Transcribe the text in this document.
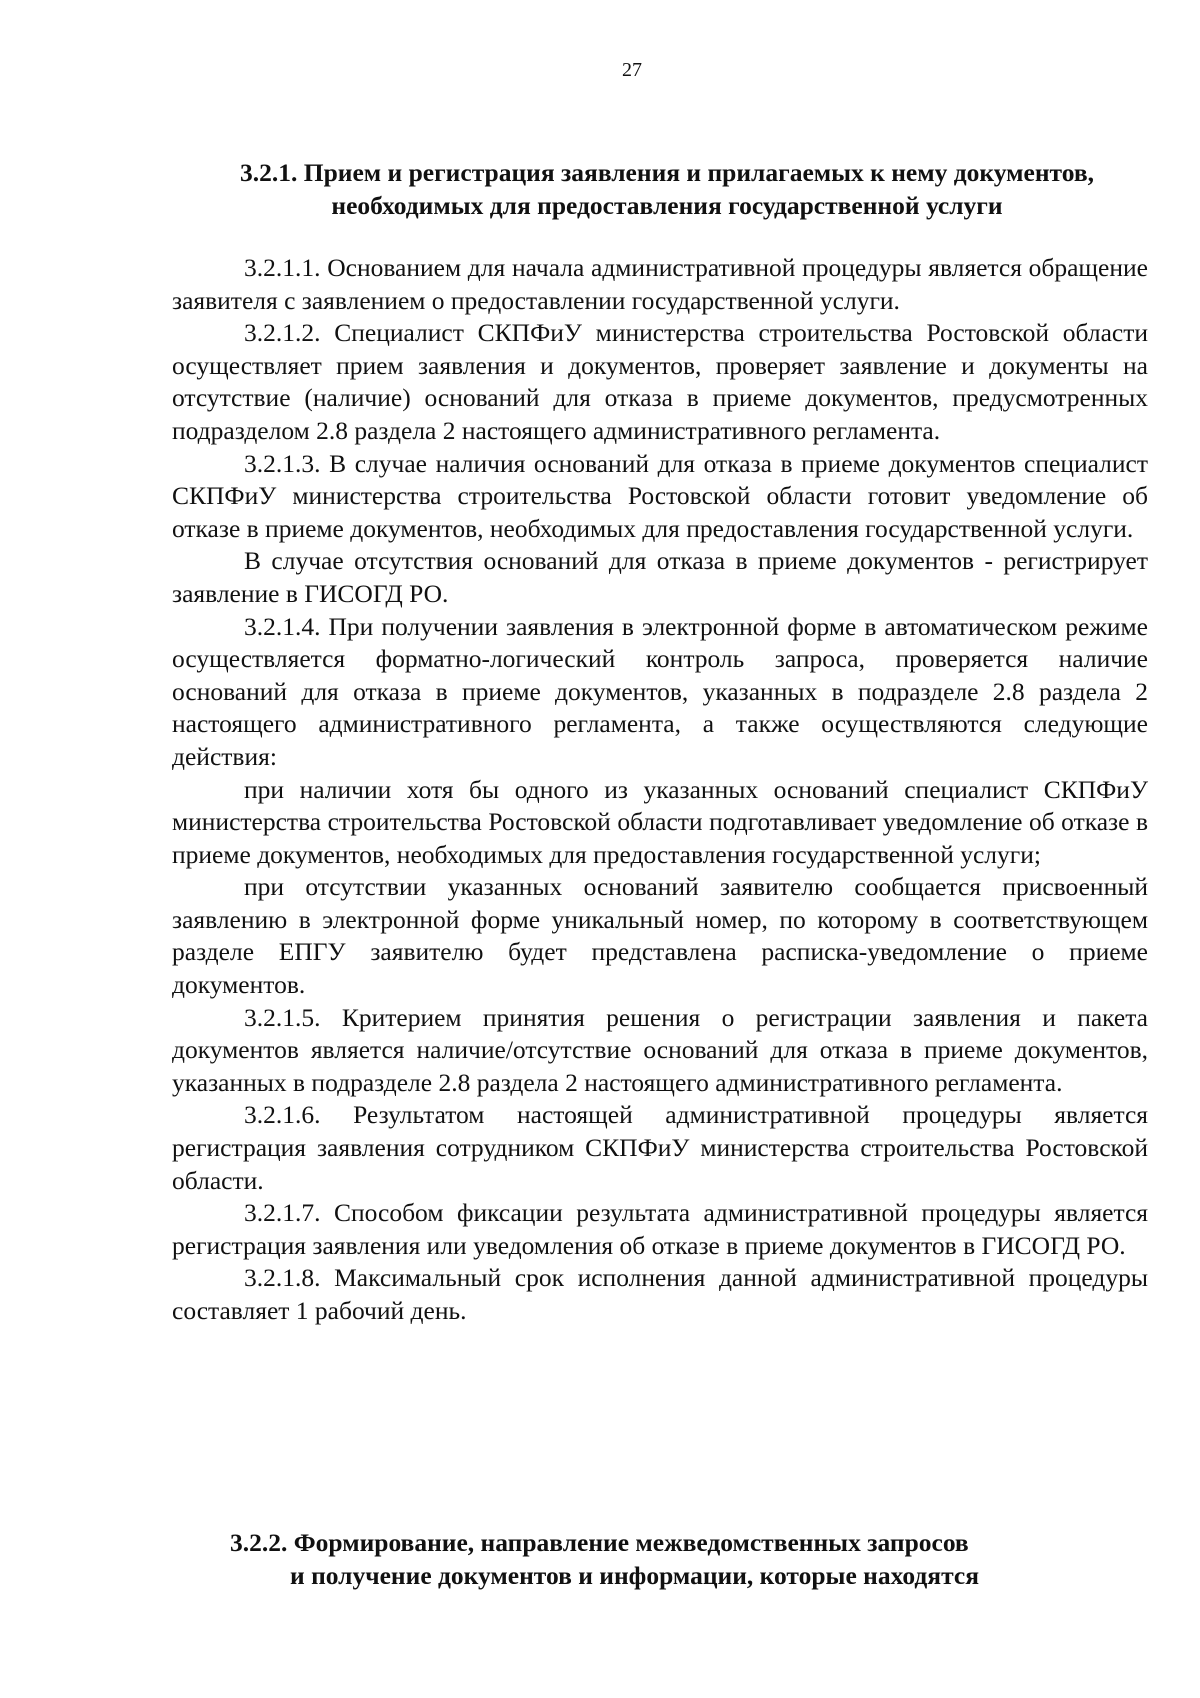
27
3.2.1. Прием и регистрация заявления и прилагаемых к нему документов, необходимых для предоставления государственной услуги

3.2.1.1. Основанием для начала административной процедуры является обращение заявителя с заявлением о предоставлении государственной услуги.

3.2.1.2. Специалист СКПФиУ министерства строительства Ростовской области осуществляет прием заявления и документов, проверяет заявление и документы на отсутствие (наличие) оснований для отказа в приеме документов, предусмотренных подразделом 2.8 раздела 2 настоящего административного регламента.

3.2.1.3. В случае наличия оснований для отказа в приеме документов специалист СКПФиУ министерства строительства Ростовской области готовит уведомление об отказе в приеме документов, необходимых для предоставления государственной услуги.

В случае отсутствия оснований для отказа в приеме документов - регистрирует заявление в ГИСОГД РО.

3.2.1.4. При получении заявления в электронной форме в автоматическом режиме осуществляется форматно-логический контроль запроса, проверяется наличие оснований для отказа в приеме документов, указанных в подразделе 2.8 раздела 2 настоящего административного регламента, а также осуществляются следующие действия:

при наличии хотя бы одного из указанных оснований специалист СКПФиУ министерства строительства Ростовской области подготавливает уведомление об отказе в приеме документов, необходимых для предоставления государственной услуги;

при отсутствии указанных оснований заявителю сообщается присвоенный заявлению в электронной форме уникальный номер, по которому в соответствующем разделе ЕПГУ заявителю будет представлена расписка-уведомление о приеме документов.

3.2.1.5. Критерием принятия решения о регистрации заявления и пакета документов является наличие/отсутствие оснований для отказа в приеме документов, указанных в подразделе 2.8 раздела 2 настоящего административного регламента.

3.2.1.6. Результатом настоящей административной процедуры является регистрация заявления сотрудником СКПФиУ министерства строительства Ростовской области.

3.2.1.7. Способом фиксации результата административной процедуры является регистрация заявления или уведомления об отказе в приеме документов в ГИСОГД РО.

3.2.1.8. Максимальный срок исполнения данной административной процедуры составляет 1 рабочий день.

3.2.2. Формирование, направление межведомственных запросов
и получение документов и информации, которые находятся
